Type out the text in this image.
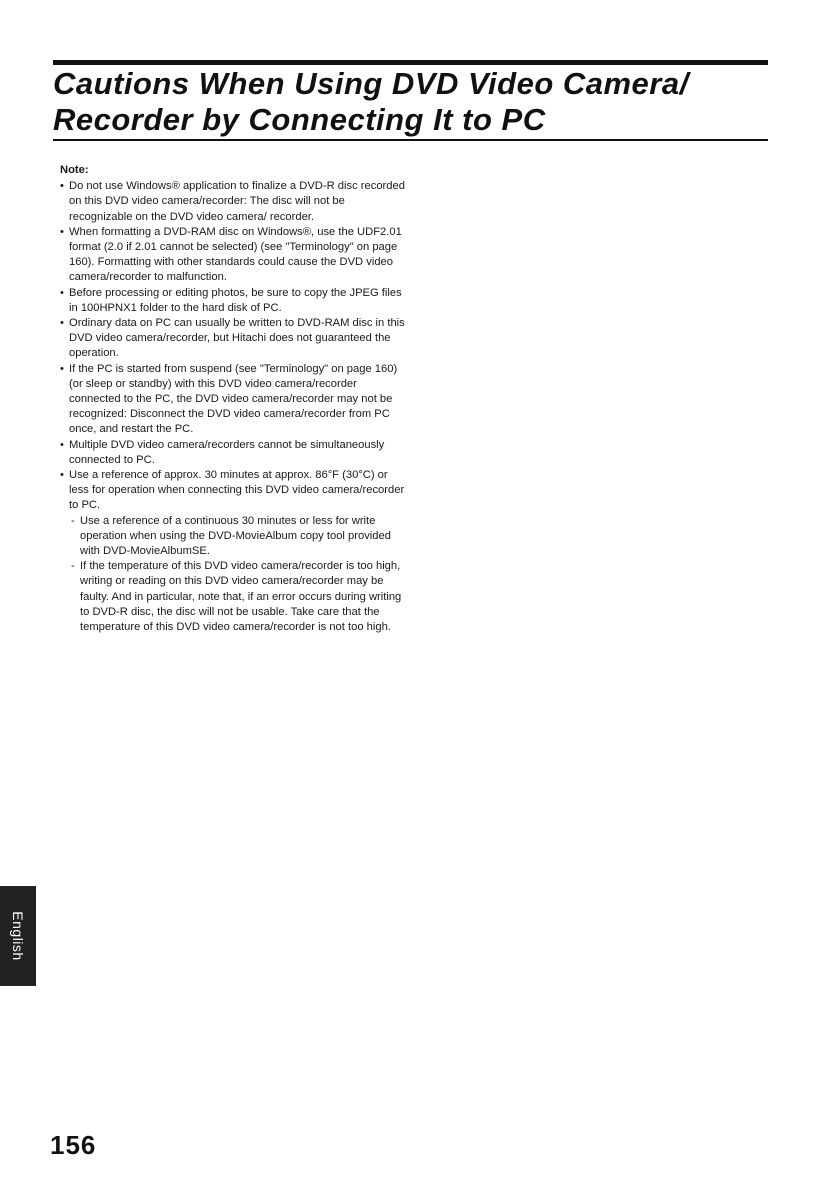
Cautions When Using DVD Video Camera/
Recorder by Connecting It to PC
Note:
• Do not use Windows® application to finalize a DVD-R disc recorded on this DVD video camera/recorder: The disc will not be recognizable on the DVD video camera/ recorder.
• When formatting a DVD-RAM disc on Windows®, use the UDF2.01 format (2.0 if 2.01 cannot be selected) (see "Terminology" on page 160). Formatting with other standards could cause the DVD video camera/recorder to malfunction.
• Before processing or editing photos, be sure to copy the JPEG files in 100HPNX1 folder to the hard disk of PC.
• Ordinary data on PC can usually be written to DVD-RAM disc in this DVD video camera/recorder, but Hitachi does not guaranteed the operation.
• If the PC is started from suspend (see "Terminology" on page 160) (or sleep or standby) with this DVD video camera/recorder connected to the PC, the DVD video camera/recorder may not be recognized: Disconnect the DVD video camera/recorder from PC once, and restart the PC.
• Multiple DVD video camera/recorders cannot be simultaneously connected to PC.
• Use a reference of approx. 30 minutes at approx. 86°F (30°C) or less for operation when connecting this DVD video camera/recorder to PC.
- Use a reference of a continuous 30 minutes or less for write operation when using the DVD-MovieAlbum copy tool provided with DVD-MovieAlbumSE.
- If the temperature of this DVD video camera/recorder is too high, writing or reading on this DVD video camera/recorder may be faulty. And in particular, note that, if an error occurs during writing to DVD-R disc, the disc will not be usable. Take care that the temperature of this DVD video camera/recorder is not too high.
English
156
